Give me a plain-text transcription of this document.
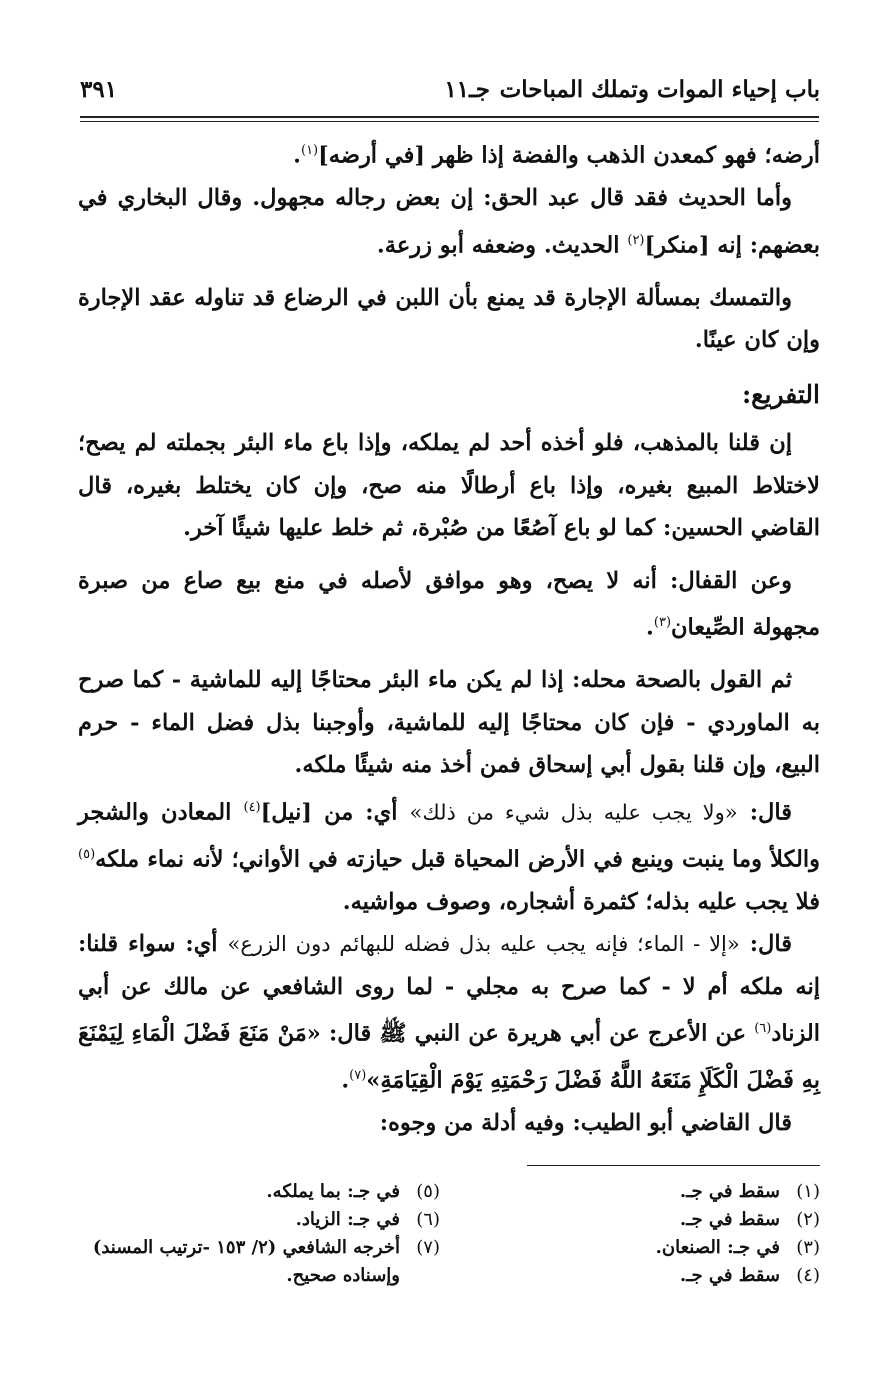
باب إحياء الموات وتملك المباحات
جـ١١
٣٩١

أرضه؛ فهو كمعدن الذهب والفضة إذا ظهر [في أرضه]$^{(١)}$.

وأما الحديث فقد قال عبد الحق: إن بعض رجاله مجهول. وقال البخاري في بعضهم: إنه [منكر]$^{(٢)}$ الحديث. وضعفه أبو زرعة.

والتمسك بمسألة الإجارة قد يمنع بأن اللبن في الرضاع قد تناوله عقد الإجارة وإن كان عينًا.

التفريع:

إن قلنا بالمذهب، فلو أخذه أحد لم يملكه، وإذا باع ماء البئر بجملته لم يصح؛ لاختلاط المبيع بغيره، وإذا باع أرطالًا منه صح، وإن كان يختلط بغيره، قال القاضي الحسين: كما لو باع آصُعًا من صُبْرة، ثم خلط عليها شيئًا آخر.

وعن القفال: أنه لا يصح، وهو موافق لأصله في منع بيع صاع من صبرة مجهولة الصِّيعان$^{(٣)}$.

ثم القول بالصحة محله: إذا لم يكن ماء البئر محتاجًا إليه للماشية - كما صرح به الماوردي - فإن كان محتاجًا إليه للماشية، وأوجبنا بذل فضل الماء - حرم البيع، وإن قلنا بقول أبي إسحاق فمن أخذ منه شيئًا ملكه.

قال: «ولا يجب عليه بذل شيء من ذلك» أي: من [نيل]$^{(٤)}$ المعادن والشجر والكلأ وما ينبت وينبع في الأرض المحياة قبل حيازته في الأواني؛ لأنه نماء ملكه$^{(٥)}$ فلا يجب عليه بذله؛ كثمرة أشجاره، وصوف مواشيه.

قال: «إلا - الماء؛ فإنه يجب عليه بذل فضله للبهائم دون الزرع» أي: سواء قلنا: إنه ملكه أم لا - كما صرح به مجلي - لما روى الشافعي عن مالك عن أبي الزناد$^{(٦)}$ عن الأعرج عن أبي هريرة عن النبي ﷺ قال: «مَنْ مَنَعَ فَضْلَ الْمَاءِ لِيَمْنَعَ بِهِ فَضْلَ الْكَلَإِ مَنَعَهُ اللَّهُ فَضْلَ رَحْمَتِهِ يَوْمَ الْقِيَامَةِ»$^{(٧)}$.

قال القاضي أبو الطيب: وفيه أدلة من وجوه:

(١)سقط في جـ.
(٢)سقط في جـ.
(٣)في جـ: الصنعان.
(٤)سقط في جـ.
(٥)في جـ: بما يملكه.
(٦)في جـ: الزياد.
(٧)أخرجه الشافعي (٢/ ١٥٣ -ترتيب المسند)
وإسناده صحيح.
